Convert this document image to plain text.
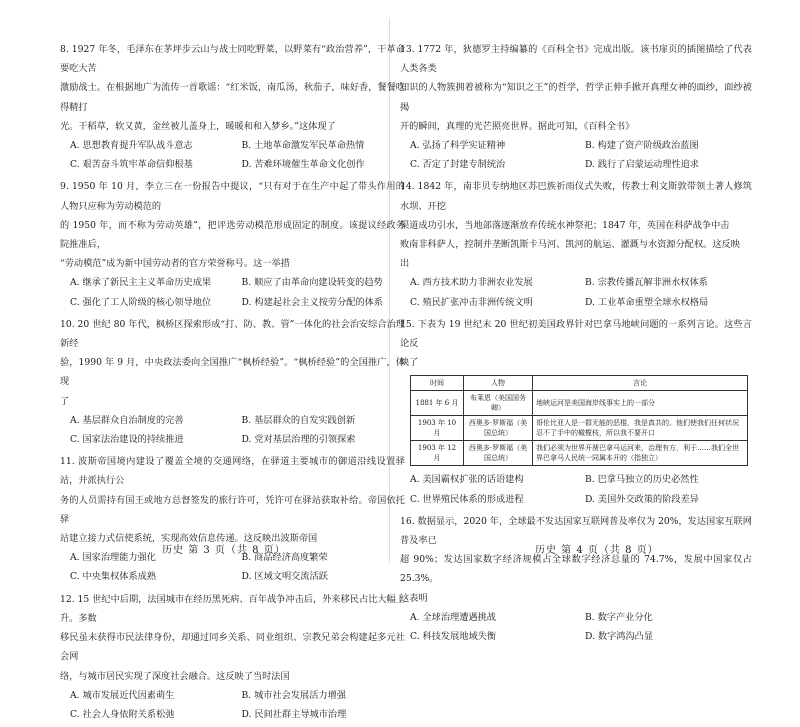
8. 1927 年冬，毛泽东在茅坪步云山与战士同吃野菜，以野菜有“政治营养”，干革命要吃大苦

激励战士。在根据地广为流传一首歌谣：“红米饭，南瓜汤，秋茄子，味好香，餐餐吃得精打

光。干稻草，软又黄，金丝被儿盖身上，暖暖和和入梦乡。”这体现了

A. 思想教育提升军队战斗意志	B. 土地革命激发军民革命热情
C. 艰苦奋斗筑牢革命信仰根基	D. 苦难环境催生革命文化创作

9. 1950 年 10 月，李立三在一份报告中提议，“只有对于在生产中起了带头作用的人物只应称为劳动模范的

的 1950 年，而不称为劳动英雄”，把评选劳动模范形成固定的制度。该提议经政务院推准后，

“劳动模范”成为新中国劳动者的官方荣誉称号。这一举措

A. 继承了新民主主义革命历史成果	B. 顺应了由革命向建设转变的趋势
C. 强化了工人阶级的核心领导地位	D. 构建起社会主义按劳分配的体系

10. 20 世纪 80 年代，枫桥区探索形成“打、防、教、管”一体化的社会治安综合治理新经

验，1990 年 9 月，中央政法委向全国推广“枫桥经验”。“枫桥经验”的全国推广，体现

了

A. 基层群众自治制度的完善	B. 基层群众的自发实践创新
C. 国家法治建设的持续推进	D. 党对基层治理的引领探索

11. 波斯帝国境内建设了覆盖全境的交通网络，在驿道主要城市的御道沿线设置驿站，并派执行公

务的人员需持有国王或地方总督签发的旅行许可，凭许可在驿站获取补给。帝国依托驿

站建立接力式信使系统，实现高效信息传递。这反映出波斯帝国

A. 国家治理能力强化	B. 商品经济高度繁荣
C. 中央集权体系成熟	D. 区域文明交流活跃

12. 15 世纪中后期，法国城市在经历黑死病、百年战争冲击后，外来移民占比大幅上升。多数

移民虽未获得市民法律身份，却通过同乡关系、同业组织、宗教兄弟会构建起多元社会网

络，与城市居民实现了深度社会融合。这反映了当时法国

A. 城市发展近代因素萌生	B. 城市社会发展活力增强
C. 社会人身依附关系松弛	D. 民间社群主导城市治理
历史 第 3 页（共 8 页）

13. 1772 年，狄德罗主持编纂的《百科全书》完成出版。该书扉页的插图描绘了代表人类各类

知识的人物簇拥着被称为“知识之王”的哲学，哲学正伸手掀开真理女神的面纱，面纱被揭

开的瞬间，真理的光芒照亮世界。据此可知，《百科全书》

A. 弘扬了科学实证精神	B. 构建了资产阶级政治蓝图
C. 否定了封建专制统治	D. 践行了启蒙运动理性追求

14. 1842 年，南非贝专纳地区苏巴族祈雨仪式失败，传教士利文斯敦带领土著人修筑水坝、开挖

渠道成功引水，当地部落逐渐放弃传统水神祭祀；1847 年，英国在科萨战争中击

败南非科萨人，控制并垄断凯斯卡马河、凯河的航运、灌溉与水资源分配权。这反映

出

A. 西方技术助力非洲农业发展	B. 宗教传播瓦解非洲水权体系
C. 殖民扩张冲击非洲传统文明	D. 工业革命重塑全球水权格局

15. 下表为 19 世纪末 20 世纪初美国政界针对巴拿马地峡问题的一系列言论。这些言论反

映了

时间	人物	言论
1881 年 6 月	布莱恩（美国国务卿）	地峡运河是美国海岸线事实上的一部分
1903 年 10 月	西奥多·罗斯福（美国总统）	哥伦比亚人是一群无能的恶棍，我是真共的。他们使我们任何状况忍不了手中的橄榄枝，所以我不要开口
1903 年 12 月	西奥多·罗斯福（美国总统）	我们必须为世界开凿巴拿马运河来，治理有方，利于……我们全世界巴拿马人民统一同属本开的（指独立）
A. 美国霸权扩张的话语建构	B. 巴拿马独立的历史必然性
C. 世界殖民体系的形成进程	D. 美国外交政策的阶段差异

16. 数据显示，2020 年，全球最不发达国家互联网普及率仅为 20%，发达国家互联网普及率已

超 90%；发达国家数字经济规模占全球数字经济总量的 74.7%，发展中国家仅占 25.3%。

这表明

A. 全球治理遭遇挑战	B. 数字产业分化
C. 科技发展地域失衡	D. 数字鸿沟凸显
历史 第 4 页（共 8 页）
